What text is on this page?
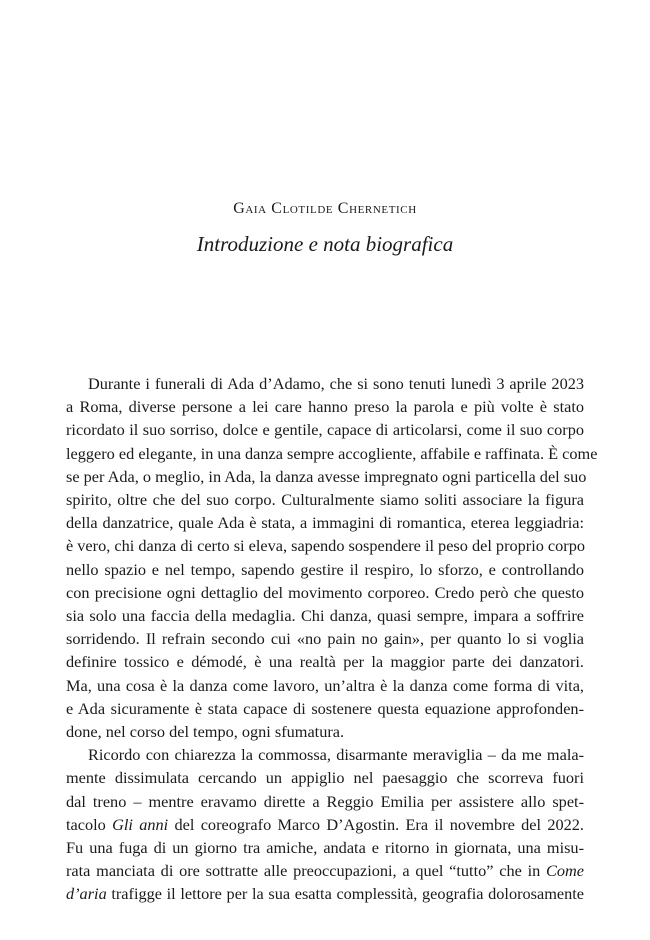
Gaia Clotilde Chernetich
Introduzione e nota biografica
Durante i funerali di Ada d’Adamo, che si sono tenuti lunedì 3 aprile 2023
a Roma, diverse persone a lei care hanno preso la parola e più volte è stato
ricordato il suo sorriso, dolce e gentile, capace di articolarsi, come il suo corpo
leggero ed elegante, in una danza sempre accogliente, affabile e raffinata. È come
se per Ada, o meglio, in Ada, la danza avesse impregnato ogni particella del suo
spirito, oltre che del suo corpo. Culturalmente siamo soliti associare la figura
della danzatrice, quale Ada è stata, a immagini di romantica, eterea leggiadria:
è vero, chi danza di certo si eleva, sapendo sospendere il peso del proprio corpo
nello spazio e nel tempo, sapendo gestire il respiro, lo sforzo, e controllando
con precisione ogni dettaglio del movimento corporeo. Credo però che questo
sia solo una faccia della medaglia. Chi danza, quasi sempre, impara a soffrire
sorridendo. Il refrain secondo cui «no pain no gain», per quanto lo si voglia
definire tossico e démodé, è una realtà per la maggior parte dei danzatori.
Ma, una cosa è la danza come lavoro, un’altra è la danza come forma di vita,
e Ada sicuramente è stata capace di sostenere questa equazione approfonden-
done, nel corso del tempo, ogni sfumatura.
Ricordo con chiarezza la commossa, disarmante meraviglia – da me mala-
mente dissimulata cercando un appiglio nel paesaggio che scorreva fuori
dal treno – mentre eravamo dirette a Reggio Emilia per assistere allo spet-
tacolo Gli anni del coreografo Marco D’Agostin. Era il novembre del 2022.
Fu una fuga di un giorno tra amiche, andata e ritorno in giornata, una misu-
rata manciata di ore sottratte alle preoccupazioni, a quel “tutto” che in Come
d’aria trafigge il lettore per la sua esatta complessità, geografia dolorosamente
